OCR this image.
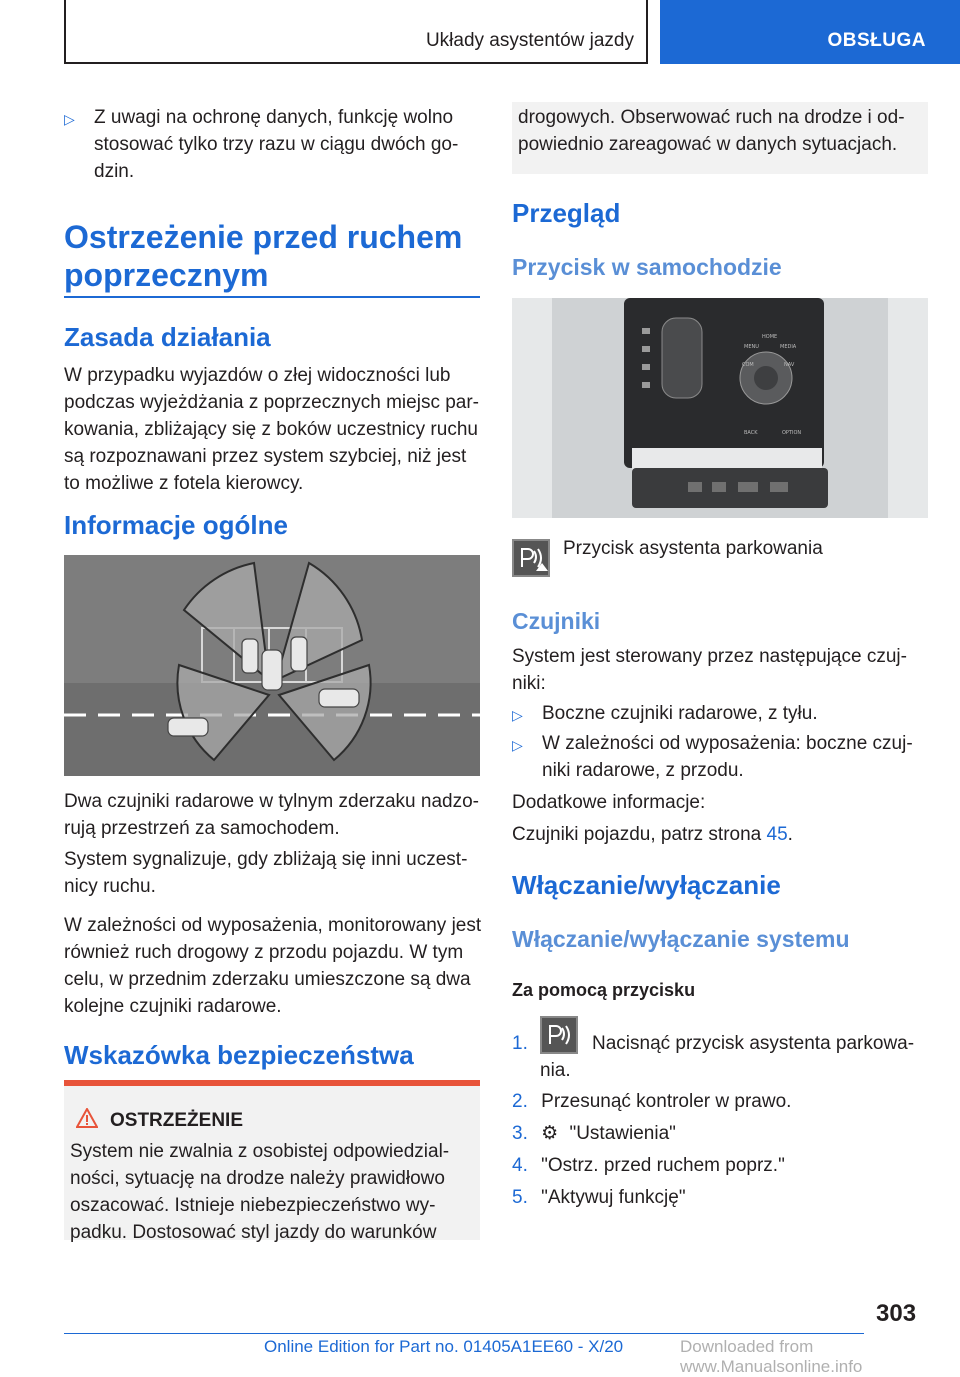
Układy asystentów jazdy	OBSŁUGA
▷ Z uwagi na ochronę danych, funkcję wolno
stosować tylko trzy razu w ciągu dwóch go-
dzin.
Ostrzeżenie przed ruchem
poprzecznym
Zasada działania
W przypadku wyjazdów o złej widoczności lub
podczas wyjeżdżania z poprzecznych miejsc par-
kowania, zbliżający się z boków uczestnicy ruchu
są rozpoznawani przez system szybciej, niż jest
to możliwe z fotela kierowcy.
Informacje ogólne
Dwa czujniki radarowe w tylnym zderzaku nadzo-
rują przestrzeń za samochodem.
System sygnalizuje, gdy zbliżają się inni uczest-
nicy ruchu.
W zależności od wyposażenia, monitorowany jest
również ruch drogowy z przodu pojazdu. W tym
celu, w przednim zderzaku umieszczone są dwa
kolejne czujniki radarowe.
Wskazówka bezpieczeństwa
OSTRZEŻENIE
System nie zwalnia z osobistej odpowiedzial-
ności, sytuację na drodze należy prawidłowo
oszacować. Istnieje niebezpieczeństwo wy-
padku. Dostosować styl jazdy do warunków
drogowych. Obserwować ruch na drodze i od-
powiednio zareagować w danych sytuacjach.
Przegląd
Przycisk w samochodzie
MENU
HOME
MEDIA
COM	NAV
BACK	OPTION
Przycisk asystenta parkowania
Czujniki
System jest sterowany przez następujące czuj-
niki:
▷ Boczne czujniki radarowe, z tyłu.
▷ W zależności od wyposażenia: boczne czuj-
niki radarowe, z przodu.
Dodatkowe informacje:
Czujniki pojazdu, patrz strona 45.
Włączanie/wyłączanie
Włączanie/wyłączanie systemu
Za pomocą przycisku
1.	Nacisnąć przycisk asystenta parkowa-
nia.
2. Przesunąć kontroler w prawo.
3. ⚙ "Ustawienia"
4. "Ostrz. przed ruchem poprz."
5. "Aktywuj funkcję"
303
Online Edition for Part no. 01405A1EE60 - X/20	Downloaded from www.Manualsonline.info
